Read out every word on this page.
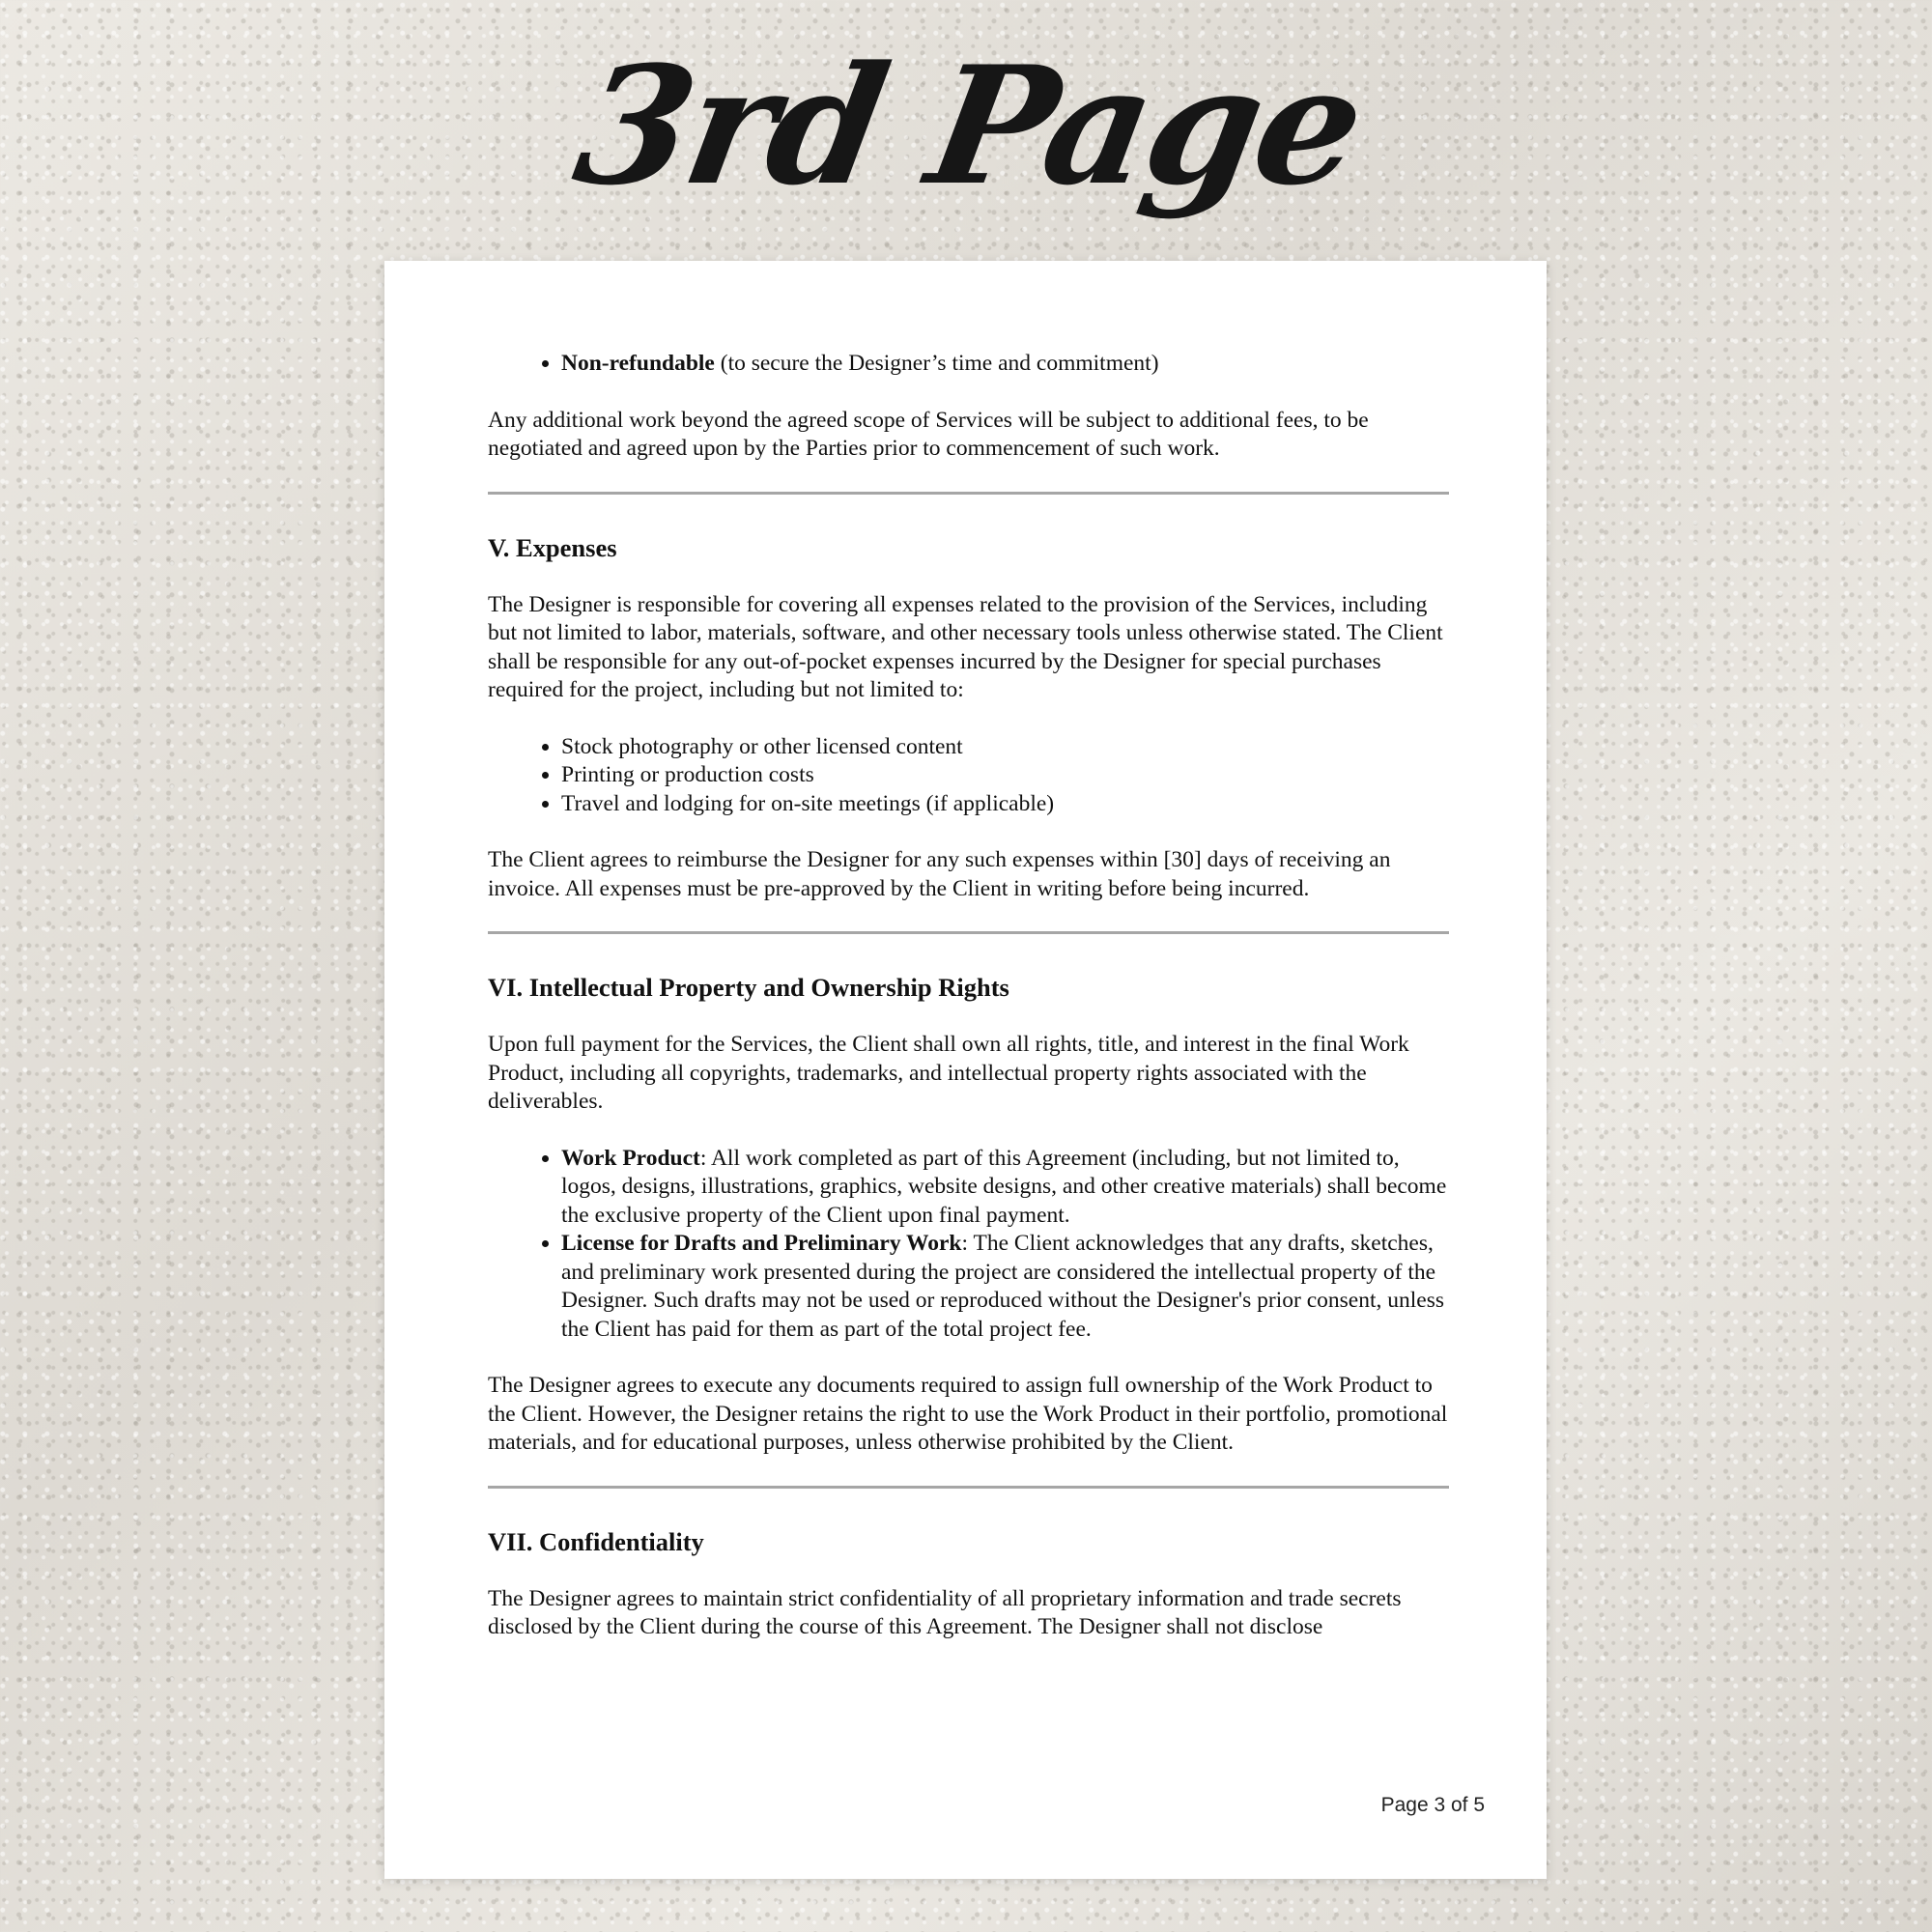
3rd Page
• Non-refundable (to secure the Designer’s time and commitment)

Any additional work beyond the agreed scope of Services will be subject to additional fees, to be negotiated and agreed upon by the Parties prior to commencement of such work.

V. Expenses

The Designer is responsible for covering all expenses related to the provision of the Services, including but not limited to labor, materials, software, and other necessary tools unless otherwise stated. The Client shall be responsible for any out-of-pocket expenses incurred by the Designer for special purchases required for the project, including but not limited to:

• Stock photography or other licensed content
• Printing or production costs
• Travel and lodging for on-site meetings (if applicable)

The Client agrees to reimburse the Designer for any such expenses within [30] days of receiving an invoice. All expenses must be pre-approved by the Client in writing before being incurred.

VI. Intellectual Property and Ownership Rights

Upon full payment for the Services, the Client shall own all rights, title, and interest in the final Work Product, including all copyrights, trademarks, and intellectual property rights associated with the deliverables.

• Work Product: All work completed as part of this Agreement (including, but not limited to, logos, designs, illustrations, graphics, website designs, and other creative materials) shall become the exclusive property of the Client upon final payment.
• License for Drafts and Preliminary Work: The Client acknowledges that any drafts, sketches, and preliminary work presented during the project are considered the intellectual property of the Designer. Such drafts may not be used or reproduced without the Designer's prior consent, unless the Client has paid for them as part of the total project fee.

The Designer agrees to execute any documents required to assign full ownership of the Work Product to the Client. However, the Designer retains the right to use the Work Product in their portfolio, promotional materials, and for educational purposes, unless otherwise prohibited by the Client.

VII. Confidentiality

The Designer agrees to maintain strict confidentiality of all proprietary information and trade secrets disclosed by the Client during the course of this Agreement. The Designer shall not disclose

Page 3 of 5
